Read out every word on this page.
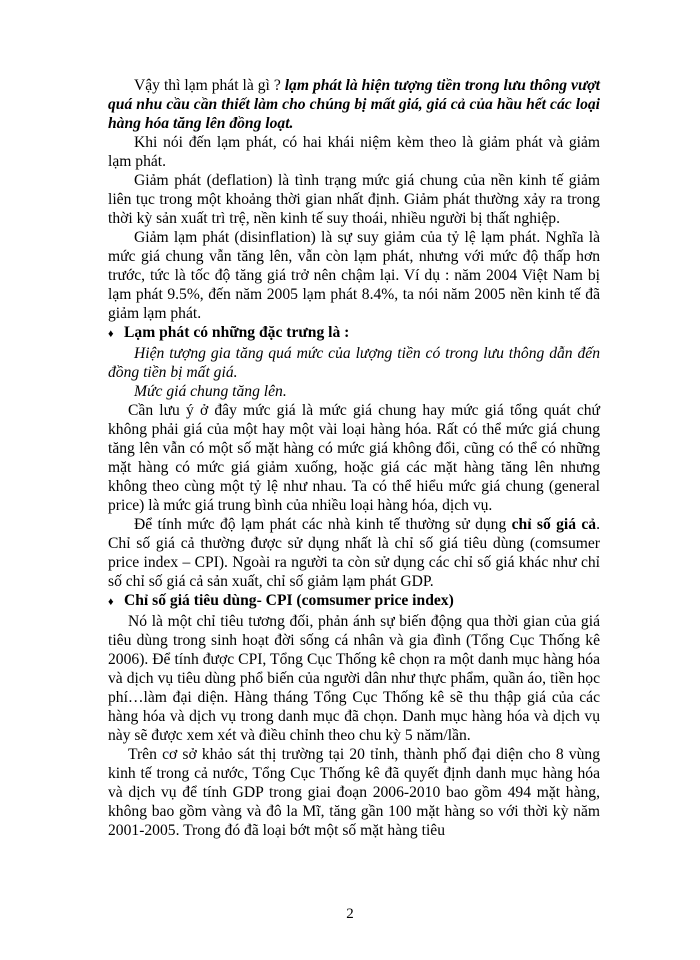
Vậy thì lạm phát là gì ? lạm phát là hiện tượng tiền trong lưu thông vượt quá nhu cầu cần thiết làm cho chúng bị mất giá, giá cả của hầu hết các loại hàng hóa tăng lên đồng loạt.

Khi nói đến lạm phát, có hai khái niệm kèm theo là giảm phát và giảm lạm phát.

Giảm phát (deflation) là tình trạng mức giá chung của nền kinh tế giảm liên tục trong một khoảng thời gian nhất định. Giảm phát thường xảy ra trong thời kỳ sản xuất trì trệ, nền kinh tế suy thoái, nhiều người bị thất nghiệp.

Giảm lạm phát (disinflation) là sự suy giảm của tỷ lệ lạm phát. Nghĩa là mức giá chung vẫn tăng lên, vẫn còn lạm phát, nhưng với mức độ thấp hơn trước, tức là tốc độ tăng giá trở nên chậm lại. Ví dụ : năm 2004 Việt Nam bị lạm phát 9.5%, đến năm 2005 lạm phát 8.4%, ta nói năm 2005 nền kinh tế đã giảm lạm phát.

♦ Lạm phát có những đặc trưng là :

Hiện tượng gia tăng quá mức của lượng tiền có trong lưu thông dẫn đến đồng tiền bị mất giá.

Mức giá chung tăng lên.

Cần lưu ý ở đây mức giá là mức giá chung hay mức giá tổng quát chứ không phải giá của một hay một vài loại hàng hóa. Rất có thể mức giá chung tăng lên vẫn có một số mặt hàng có mức giá không đổi, cũng có thể có những mặt hàng có mức giá giảm xuống, hoặc giá các mặt hàng tăng lên nhưng không theo cùng một tỷ lệ như nhau. Ta có thể hiểu mức giá chung (general price) là mức giá trung bình của nhiều loại hàng hóa, dịch vụ.

Để tính mức độ lạm phát các nhà kinh tế thường sử dụng chỉ số giá cả. Chỉ số giá cả thường được sử dụng nhất là chỉ số giá tiêu dùng (comsumer price index – CPI). Ngoài ra người ta còn sử dụng các chỉ số giá khác như chỉ số chỉ số giá cả sản xuất, chỉ số giảm lạm phát GDP.

♦ Chỉ số giá tiêu dùng- CPI (comsumer price index)

Nó là một chỉ tiêu tương đối, phản ánh sự biến động qua thời gian của giá tiêu dùng trong sinh hoạt đời sống cá nhân và gia đình (Tổng Cục Thống kê 2006). Để tính được CPI, Tổng Cục Thống kê chọn ra một danh mục hàng hóa và dịch vụ tiêu dùng phổ biến của người dân như thực phẩm, quần áo, tiền học phí…làm đại diện. Hàng tháng Tổng Cục Thống kê sẽ thu thập giá của các hàng hóa và dịch vụ trong danh mục đã chọn. Danh mục hàng hóa và dịch vụ này sẽ được xem xét và điều chỉnh theo chu kỳ 5 năm/lần.

Trên cơ sở khảo sát thị trường tại 20 tỉnh, thành phố đại diện cho 8 vùng kinh tế trong cả nước, Tổng Cục Thống kê đã quyết định danh mục hàng hóa và dịch vụ để tính GDP trong giai đoạn 2006-2010 bao gồm 494 mặt hàng, không bao gồm vàng và đô la Mĩ, tăng gần 100 mặt hàng so với thời kỳ năm 2001-2005. Trong đó đã loại bớt một số mặt hàng tiêu

2
